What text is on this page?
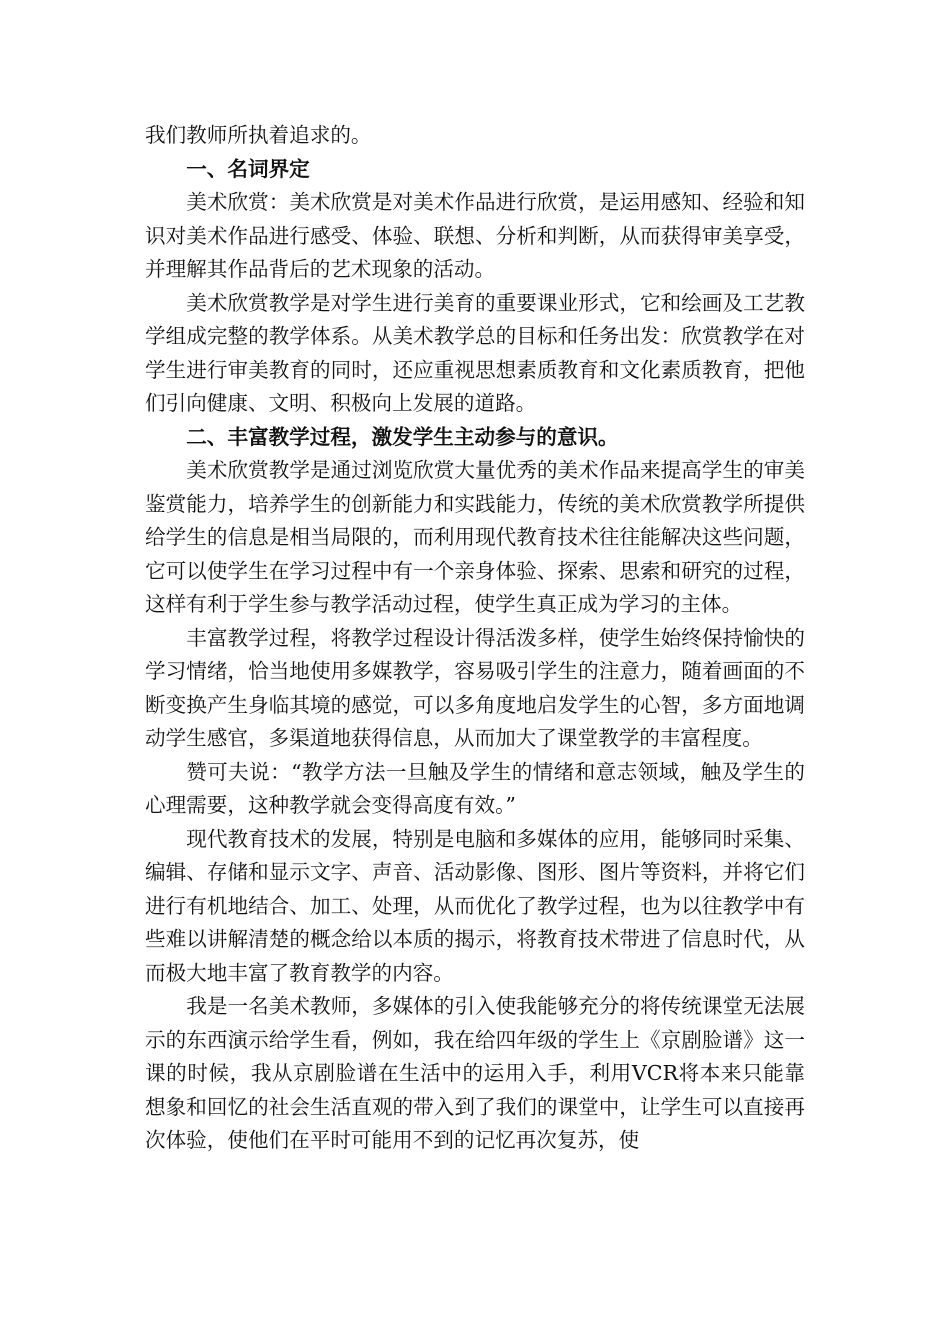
我们教师所执着追求的。

一、名词界定

美术欣赏：美术欣赏是对美术作品进行欣赏，是运用感知、经验和知识对美术作品进行感受、体验、联想、分析和判断，从而获得审美享受，并理解其作品背后的艺术现象的活动。

美术欣赏教学是对学生进行美育的重要课业形式，它和绘画及工艺教学组成完整的教学体系。从美术教学总的目标和任务出发：欣赏教学在对学生进行审美教育的同时，还应重视思想素质教育和文化素质教育，把他们引向健康、文明、积极向上发展的道路。

二、丰富教学过程，激发学生主动参与的意识。

美术欣赏教学是通过浏览欣赏大量优秀的美术作品来提高学生的审美鉴赏能力，培养学生的创新能力和实践能力，传统的美术欣赏教学所提供给学生的信息是相当局限的，而利用现代教育技术往往能解决这些问题，它可以使学生在学习过程中有一个亲身体验、探索、思索和研究的过程，这样有利于学生参与教学活动过程，使学生真正成为学习的主体。

丰富教学过程，将教学过程设计得活泼多样，使学生始终保持愉快的学习情绪，恰当地使用多媒教学，容易吸引学生的注意力，随着画面的不断变换产生身临其境的感觉，可以多角度地启发学生的心智，多方面地调动学生感官，多渠道地获得信息，从而加大了课堂教学的丰富程度。

赞可夫说：“教学方法一旦触及学生的情绪和意志领域，触及学生的心理需要，这种教学就会变得高度有效。”

现代教育技术的发展，特别是电脑和多媒体的应用，能够同时采集、编辑、存储和显示文字、声音、活动影像、图形、图片等资料，并将它们进行有机地结合、加工、处理，从而优化了教学过程，也为以往教学中有些难以讲解清楚的概念给以本质的揭示，将教育技术带进了信息时代，从而极大地丰富了教育教学的内容。

我是一名美术教师，多媒体的引入使我能够充分的将传统课堂无法展示的东西演示给学生看，例如，我在给四年级的学生上《京剧脸谱》这一课的时候，我从京剧脸谱在生活中的运用入手，利用VCR将本来只能靠想象和回忆的社会生活直观的带入到了我们的课堂中，让学生可以直接再次体验，使他们在平时可能用不到的记忆再次复苏，使
